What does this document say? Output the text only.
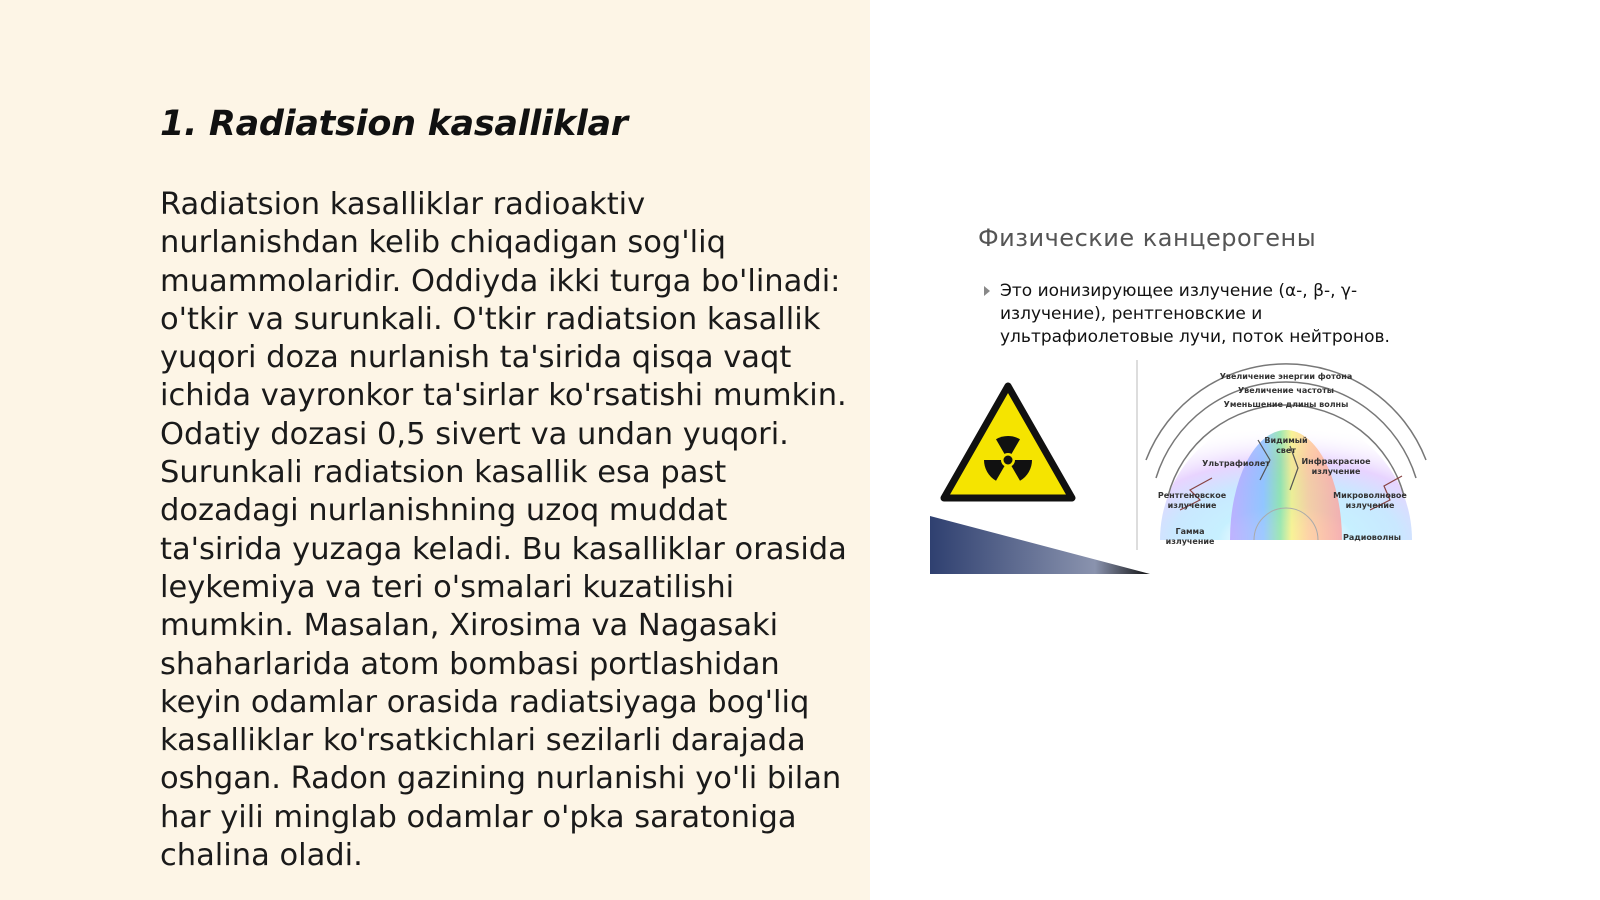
1. Radiatsion kasalliklar

Radiatsion kasalliklar radioaktiv nurlanishdan kelib chiqadigan sog'liq muammolaridir. Oddiyda ikki turga bo'linadi: o'tkir va surunkali. O'tkir radiatsion kasallik yuqori doza nurlanish ta'sirida qisqa vaqt ichida vayronkor ta'sirlar ko'rsatishi mumkin. Odatiy dozasi 0,5 sivert va undan yuqori. Surunkali radiatsion kasallik esa past dozadagi nurlanishning uzoq muddat ta'sirida yuzaga keladi. Bu kasalliklar orasida leykemiya va teri o'smalari kuzatilishi mumkin. Masalan, Xirosima va Nagasaki shaharlarida atom bombasi portlashidan keyin odamlar orasida radiatsiyaga bog'liq kasalliklar ko'rsatkichlari sezilarli darajada oshgan. Radon gazining nurlanishi yo'li bilan har yili minglab odamlar o'pka saratoniga chalina oladi.

Физические канцерогены
Это ионизирующее излучение (α-, β-, γ-излучение), рентгеновские и ультрафиолетовые лучи, поток нейтронов.
Увеличение энергии фотона
Увеличение частоты
Уменьшение длины волны
Видимый
свет
Ультрафиолет	Инфракрасное
излучение
Рентгеновское
излучение
Микроволновое
излучение
Гамма
излучение	Радиоволны
